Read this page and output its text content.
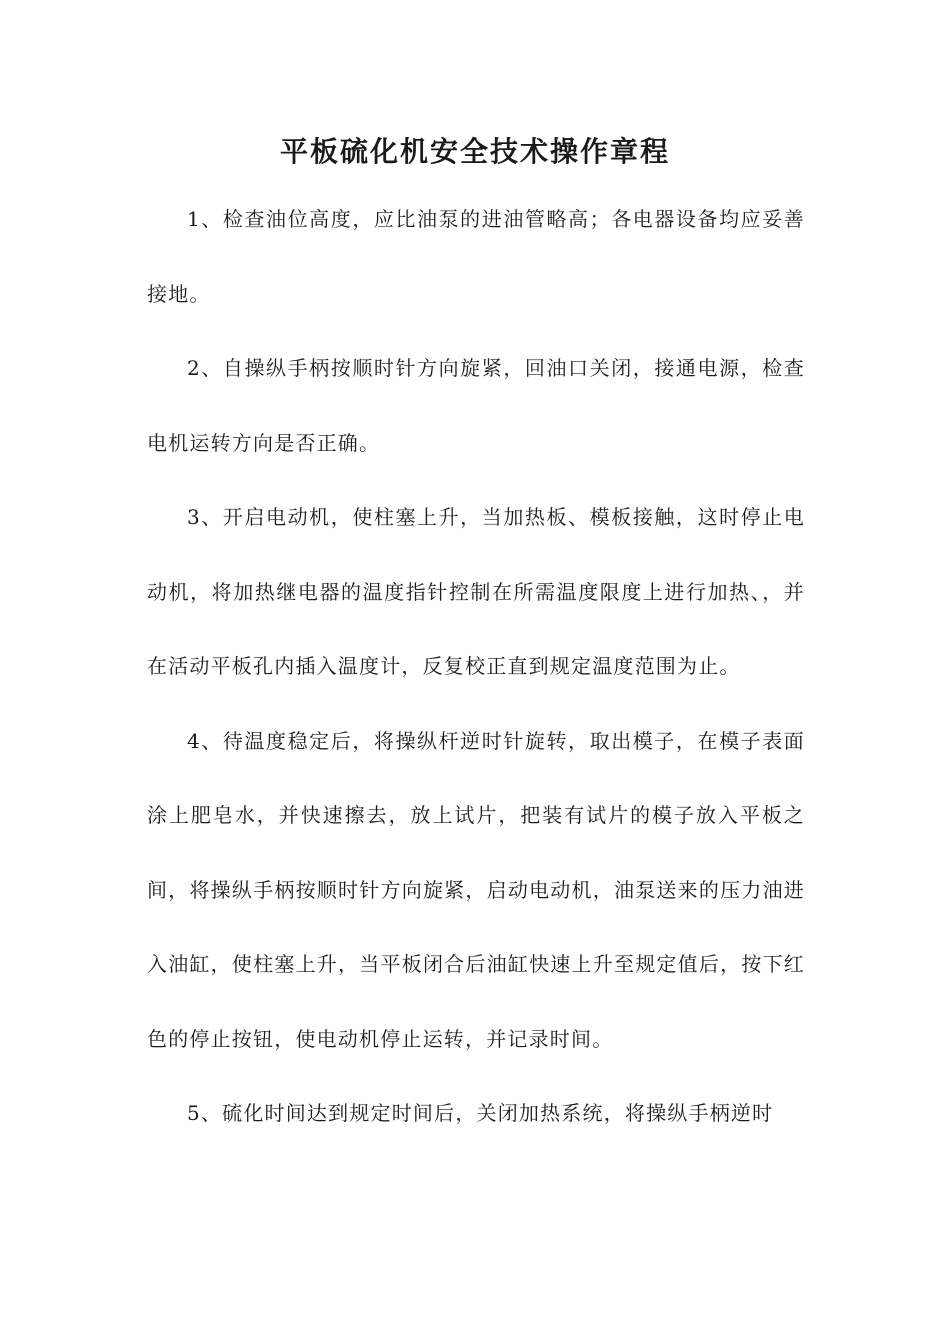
平板硫化机安全技术操作章程

1、检查油位高度，应比油泵的进油管略高；各电器设备均应妥善接地。

2、自操纵手柄按顺时针方向旋紧，回油口关闭，接通电源，检查电机运转方向是否正确。

3、开启电动机，使柱塞上升，当加热板、模板接触，这时停止电动机，将加热继电器的温度指针控制在所需温度限度上进行加热、，并在活动平板孔内插入温度计，反复校正直到规定温度范围为止。

4、待温度稳定后，将操纵杆逆时针旋转，取出模子，在模子表面涂上肥皂水，并快速擦去，放上试片，把装有试片的模子放入平板之间，将操纵手柄按顺时针方向旋紧，启动电动机，油泵送来的压力油进入油缸，使柱塞上升，当平板闭合后油缸快速上升至规定值后，按下红色的停止按钮，使电动机停止运转，并记录时间。

5、硫化时间达到规定时间后，关闭加热系统，将操纵手柄逆时
